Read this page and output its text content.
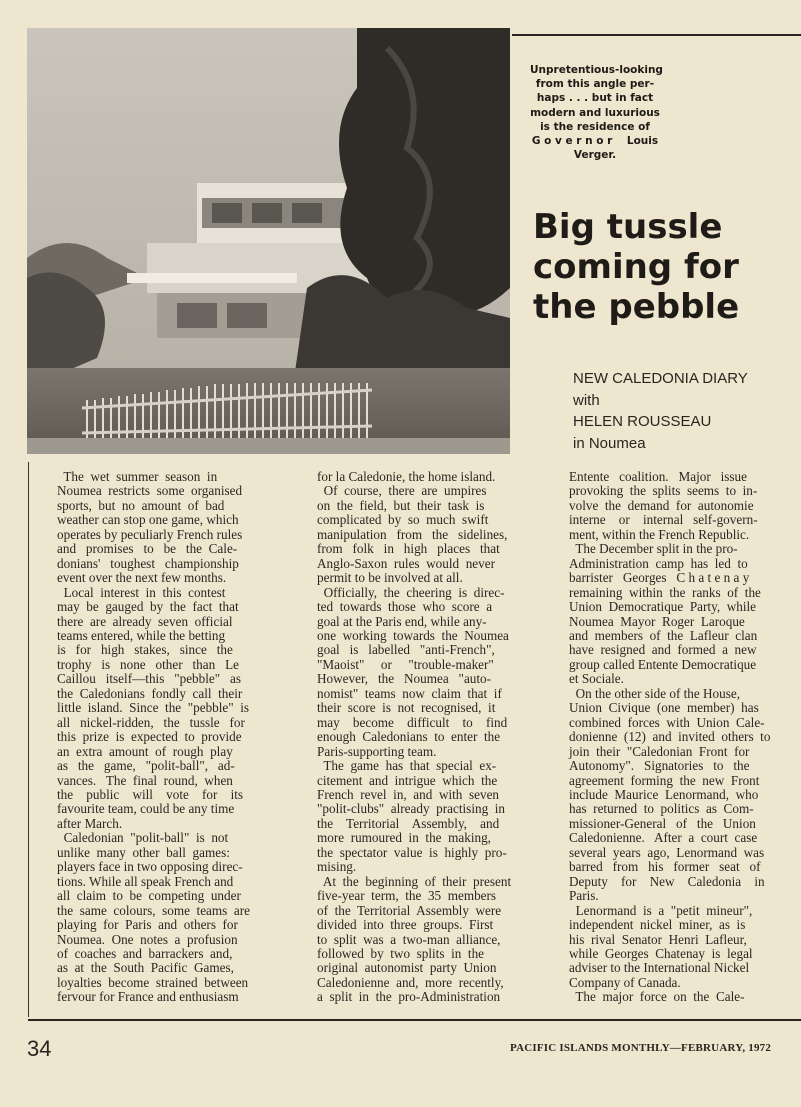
Unpretentious-looking
from this angle per-
haps . . . but in fact
modern and luxurious
is the residence of
G o v e r n o r    Louis
Verger.
Big tussle
coming for
the pebble
NEW CALEDONIA DIARY
with
HELEN ROUSSEAU
in Noumea
The  wet  summer  season  in
Noumea  restricts  some  organised
sports,  but  no  amount  of  bad
weather can stop one game, which
operates by peculiarly French rules
and   promises   to   be   the  Cale-
donians'   toughest   championship
event over the next few months.
Local  interest  in  this  contest
may  be  gauged  by  the  fact  that
there  are  already  seven  official
teams entered, while the betting
is   for   high   stakes,   since   the
trophy   is   none   other   than   Le
Caillou   itself—this   "pebble"   as
the  Caledonians  fondly  call  their
little  island.  Since  the  "pebble"  is
all   nickel-ridden,   the   tussle   for
this  prize  is  expected  to  provide
an  extra  amount  of  rough  play
as   the   game,   "polit-ball",   ad-
vances.   The  final  round,  when
the    public    will    vote    for    its
favourite team, could be any time
after March.
Caledonian  "polit-ball"  is  not
unlike  many  other  ball  games:
players face in two opposing direc-
tions. While all speak French and
all  claim  to  be  competing  under
the  same  colours,  some  teams  are
playing  for  Paris  and  others  for
Noumea.  One  notes  a  profusion
of  coaches  and  barrackers  and,
as  at  the  South  Pacific  Games,
loyalties  become  strained  between
fervour for France and enthusiasm
for la Caledonie, the home island.
Of  course,  there  are  umpires
on  the  field,  but  their  task  is
complicated  by  so  much  swift
manipulation   from   the   sidelines,
from   folk   in   high   places   that
Anglo-Saxon  rules  would  never
permit to be involved at all.
Officially,  the  cheering  is  direc-
ted  towards  those  who  score  a
goal at the Paris end, while any-
one  working  towards  the  Noumea
goal   is   labelled   "anti-French",
"Maoist"     or     "trouble-maker"
However,   the   Noumea   "auto-
nomist"  teams  now  claim  that  if
their  score  is  not  recognised,  it
may    become    difficult    to    find
enough  Caledonians  to  enter  the
Paris-supporting team.
The  game  has  that  special  ex-
citement  and  intrigue  which  the
French  revel  in,  and  with  seven
"polit-clubs"  already  practising  in
the    Territorial    Assembly,    and
more  rumoured  in  the  making,
the  spectator  value  is  highly  pro-
mising.
At  the  beginning  of  their  present
five-year  term,  the  35  members
of  the  Territorial  Assembly  were
divided  into  three  groups.  First
to  split  was  a  two-man  alliance,
followed  by  two  splits  in  the
original  autonomist  party  Union
Caledonienne  and,  more  recently,
a  split  in  the  pro-Administration
Entente   coalition.   Major   issue
provoking  the  splits  seems  to  in-
volve  the  demand  for  autonomie
interne    or    internal   self-govern-
ment, within the French Republic.
The December split in the pro-
Administration  camp  has  led  to
barrister   Georges   C h a t e n a y
remaining  within  the  ranks  of  the
Union  Democratique  Party,  while
Noumea  Mayor  Roger  Laroque
and  members  of  the  Lafleur  clan
have  resigned  and  formed  a  new
group called Entente Democratique
et Sociale.
On the other side of the House,
Union  Civique  (one  member)  has
combined  forces  with  Union  Cale-
donienne  (12)  and  invited  others  to
join  their  "Caledonian  Front  for
Autonomy".   Signatories   to   the
agreement  forming  the  new  Front
include  Maurice  Lenormand,  who
has  returned  to  politics  as  Com-
missioner-General   of   the   Union
Caledonienne.   After  a  court  case
several  years  ago,  Lenormand  was
barred   from   his   former   seat   of
Deputy    for    New    Caledonia    in
Paris.
Lenormand  is  a  "petit  mineur",
independent  nickel  miner,  as  is
his  rival  Senator  Henri  Lafleur,
while  Georges  Chatenay  is  legal
adviser to the International Nickel
Company of Canada.
The  major  force  on  the  Cale-
34	PACIFIC ISLANDS MONTHLY—FEBRUARY, 1972
